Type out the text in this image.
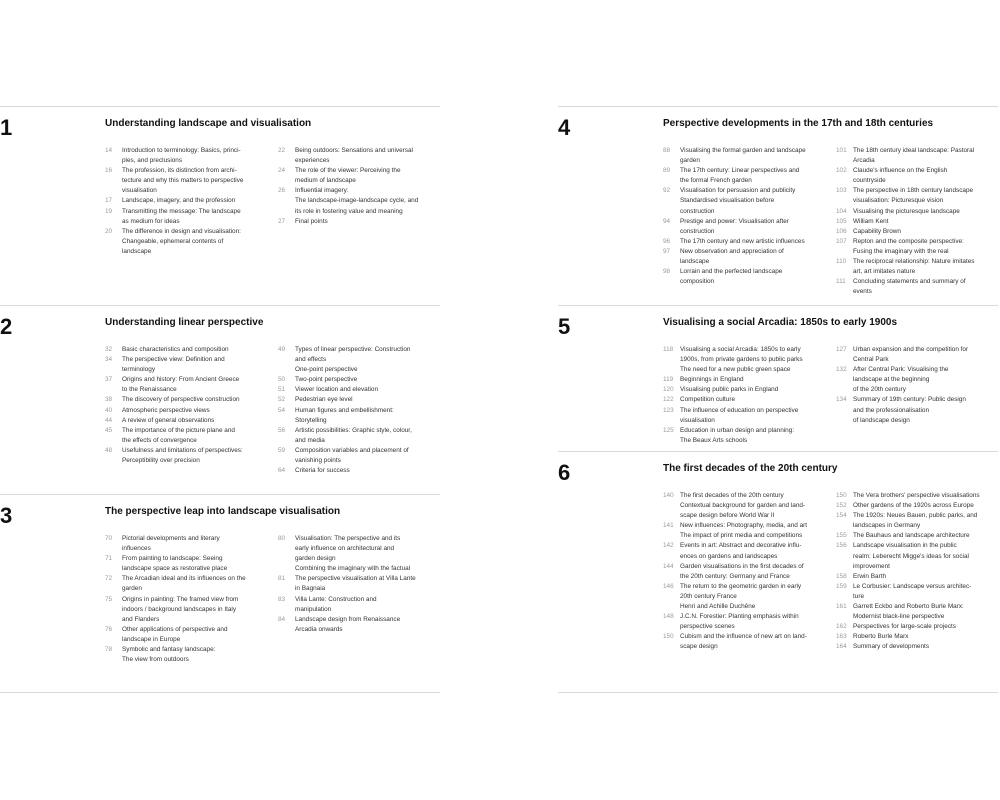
1	Understanding landscape and visualisation
14	Introduction to terminology: Basics, princi-
ples, and preclusions
16	The profession, its distinction from archi-
tecture and why this matters to perspective
visualisation
17	Landscape, imagery, and the profession
19	Transmitting the message: The landscape
as medium for ideas
20	The difference in design and visualisation:
Changeable, ephemeral contents of
landscape
22	Being outdoors: Sensations and universal
experiences
24	The role of the viewer: Perceiving the
medium of landscape
26	Influential imagery:
The landscape-image-landscape cycle, and
its role in fostering value and meaning
27	Final points
2	Understanding linear perspective
32	Basic characteristics and composition
34	The perspective view: Definition and
terminology
37	Origins and history: From Ancient Greece
to the Renaissance
38	The discovery of perspective construction
40	Atmospheric perspective views
44	A review of general observations
45	The importance of the picture plane and
the effects of convergence
48	Usefulness and limitations of perspectives:
Perceptibility over precision
49	Types of linear perspective: Construction
and effects
One-point perspective
50	Two-point perspective
51	Viewer location and elevation
52	Pedestrian eye level
54	Human figures and embellishment:
Storytelling
56	Artistic possibilities: Graphic style, colour,
and media
59	Composition variables and placement of
vanishing points
64	Criteria for success
3	The perspective leap into landscape visualisation
70	Pictorial developments and literary
influences
71	From painting to landscape: Seeing
landscape space as restorative place
72	The Arcadian ideal and its influences on the
garden
75	Origins in painting: The framed view from
indoors / background landscapes in Italy
and Flanders
76	Other applications of perspective and
landscape in Europe
78	Symbolic and fantasy landscape:
The view from outdoors
80	Visualisation: The perspective and its
early influence on architectural and
garden design
Combining the imaginary with the factual
81	The perspective visualisation at Villa Lante
in Bagnaia
83	Villa Lante: Construction and
manipulation
84	Landscape design from Renaissance
Arcadia onwards
4	Perspective developments in the 17th and 18th centuries
88	Visualising the formal garden and landscape
garden
89	The 17th century: Linear perspectives and
the formal French garden
92	Visualisation for persuasion and publicity
Standardised visualisation before
construction
94	Prestige and power: Visualisation after
construction
96	The 17th century and new artistic influences
97	New observation and appreciation of
landscape
98	Lorrain and the perfected landscape
composition
101 The 18th century ideal landscape: Pastoral
Arcadia
102 Claude's influence on the English
countryside
103 The perspective in 18th century landscape
visualisation: Picturesque vision
104 Visualising the picturesque landscape
105 William Kent
106 Capability Brown
107 Repton and the composite perspective:
Fusing the imaginary with the real
110	The reciprocal relationship: Nature imitates
art, art imitates nature
111	Concluding statements and summary of
events
5	Visualising a social Arcadia: 1850s to early 1900s
118	Visualising a social Arcadia: 1850s to early
1900s, from private gardens to public parks
The need for a new public green space
119	Beginnings in England
120 Visualising public parks in England
122 Competition culture
123 The influence of education on perspective
visualisation
125 Education in urban design and planning:
The Beaux Arts schools
127 Urban expansion and the competition for
Central Park
132 After Central Park: Visualising the
landscape at the beginning
of the 20th century
134 Summary of 19th century: Public design
and the professionalisation
of landscape design
6	The first decades of the 20th century
140 The first decades of the 20th century
Contextual background for garden and land-
scape design before World War II
141 New influences: Photography, media, and art
The impact of print media and competitions
142 Events in art: Abstract and decorative influ-
ences on gardens and landscapes
144 Garden visualisations in the first decades of
the 20th century: Germany and France
146 The return to the geometric garden in early
20th century France
Henri and Achille Duchêne
148 J.C.N. Forestier: Planting emphasis within
perspective scenes
150 Cubism and the influence of new art on land-
scape design
150 The Vera brothers' perspective visualisations
152 Other gardens of the 1920s across Europe
154 The 1920s: Neues Bauen, public parks, and
landscapes in Germany
155 The Bauhaus and landscape architecture
156 Landscape visualisation in the public
realm: Leberecht Migge's ideas for social
improvement
158 Erwin Barth
159 Le Corbusier: Landscape versus architec-
ture
161 Garrett Eckbo and Roberto Burle Marx:
Modernist black-line perspective
162 Perspectives for large-scale projects
163 Roberto Burle Marx
164 Summary of developments
